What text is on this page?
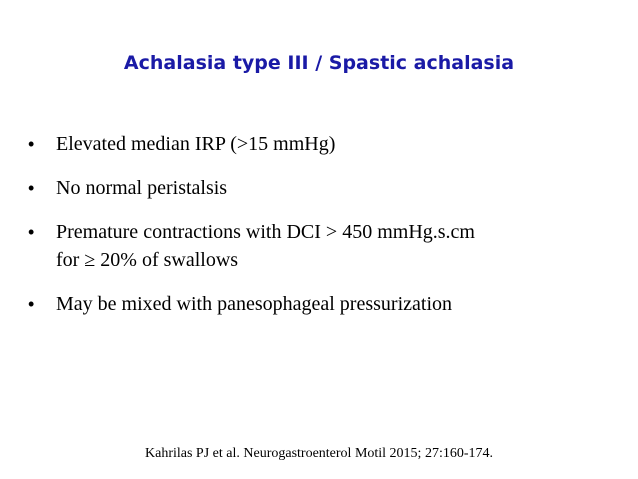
Achalasia type III / Spastic achalasia
•	Elevated median IRP (>15 mmHg)
•	No normal peristalsis
•	Premature contractions with DCI > 450 mmHg.s.cm
for ≥ 20% of swallows
•	May be mixed with panesophageal pressurization
Kahrilas PJ et al. Neurogastroenterol Motil 2015; 27:160-174.
